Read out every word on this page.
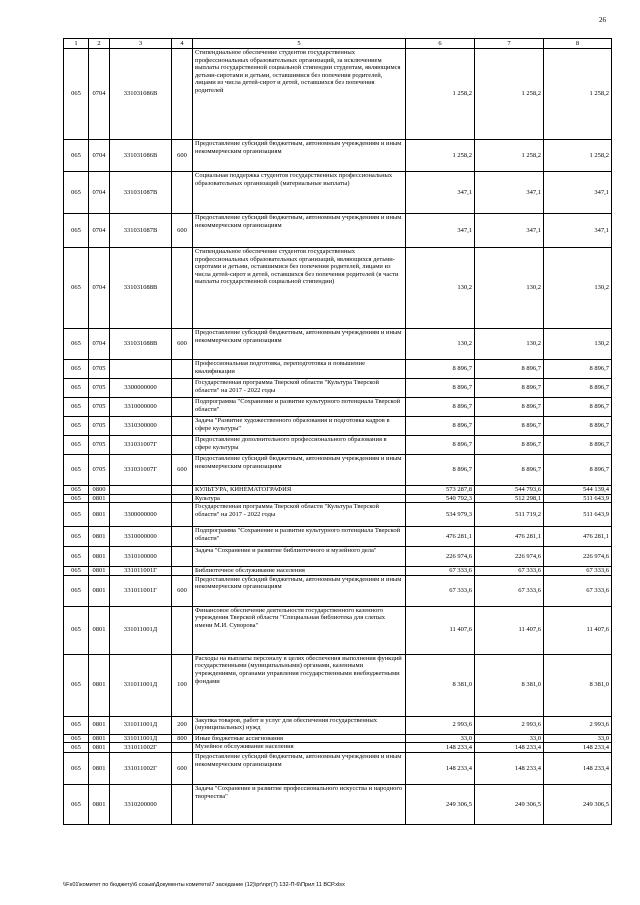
26
1	2	3	4	5	6	7	8
065	0704	331031086В		Стипендиальное обеспечение студентов государственных профессиональных образовательных организаций, за исключением выплаты государственной социальной стипендии студентам, являющимся детьми-сиротами и детьми, оставшимися без попечения родителей, лицами из числа детей-сирот и детей, оставшихся без попечения родителей	1 258,2	1 258,2	1 258,2
065	0704	331031086В	600	Предоставление субсидий бюджетным, автономным учреждениям и иным некоммерческим организациям	1 258,2	1 258,2	1 258,2
065	0704	331031087В		Социальная поддержка студентов государственных профессиональных образовательных организаций (материальные выплаты)	347,1	347,1	347,1
065	0704	331031087В	600	Предоставление субсидий бюджетным, автономным учреждениям и иным некоммерческим организациям	347,1	347,1	347,1
065	0704	331031088В		Стипендиальное обеспечение студентов государственных профессиональных образовательных организаций, являющихся детьми-сиротами и детьми, оставшимися без попечения родителей, лицами из числа детей-сирот и детей, оставшихся без попечения родителей (в части выплаты государственной социальной стипендии)	130,2	130,2	130,2
065	0704	331031088В	600	Предоставление субсидий бюджетным, автономным учреждениям и иным некоммерческим организациям	130,2	130,2	130,2
065	0705			Профессиональная подготовка, переподготовка и повышение квалификации	8 896,7	8 896,7	8 896,7
065	0705	3300000000		Государственная программа Тверской области "Культура Тверской области" на 2017 - 2022 годы	8 896,7	8 896,7	8 896,7
065	0705	3310000000		Подпрограмма "Сохранение и развитие культурного потенциала Тверской области"	8 896,7	8 896,7	8 896,7
065	0705	3310300000		Задача "Развитие художественного образования и подготовка кадров в сфере культуры"	8 896,7	8 896,7	8 896,7
065	0705	331031007Г		Предоставление дополнительного профессионального образования в сфере культуры	8 896,7	8 896,7	8 896,7
065	0705	331031007Г	600	Предоставление субсидий бюджетным, автономным учреждениям и иным некоммерческим организациям	8 896,7	8 896,7	8 896,7
065	0800			КУЛЬТУРА, КИНЕМАТОГРАФИЯ	573 287,8	544 793,6	544 139,4
065	0801			Культура	540 792,3	512 298,1	511 643,9
065	0801	3300000000		Государственная программа Тверской области "Культура Тверской области" на 2017 - 2022 годы	534 979,3	511 719,2	511 643,9
065	0801	3310000000		Подпрограмма "Сохранение и развитие культурного потенциала Тверской области"	476 281,1	476 281,1	476 281,1
065	0801	3310100000		Задача "Сохранение и развитие библиотечного и музейного дела"	226 974,6	226 974,6	226 974,6
065	0801	331011001Г		Библиотечное обслуживание населения	67 333,6	67 333,6	67 333,6
065	0801	331011001Г	600	Предоставление субсидий бюджетным, автономным учреждениям и иным некоммерческим организациям	67 333,6	67 333,6	67 333,6
065	0801	331011001Д		Финансовое обеспечение деятельности государственного казенного учреждения Тверской области "Специальная библиотека для слепых имени М.И. Суворова"	11 407,6	11 407,6	11 407,6
065	0801	331011001Д	100	Расходы на выплаты персоналу в целях обеспечения выполнения функций государственными (муниципальными) органами, казенными учреждениями, органами управления государственными внебюджетными фондами	8 381,0	8 381,0	8 381,0
065	0801	331011001Д	200	Закупка товаров, работ и услуг для обеспечения государственных (муниципальных) нужд	2 993,6	2 993,6	2 993,6
065	0801	331011001Д	800	Иные бюджетные ассигнования	33,0	33,0	33,0
065	0801	331011002Г		Музейное обслуживание населения	148 233,4	148 233,4	148 233,4
065	0801	331011002Г	600	Предоставление субсидий бюджетным, автономным учреждениям и иным некоммерческим организациям	148 233,4	148 233,4	148 233,4
065	0801	3310200000		Задача "Сохранение и развитие профессионального искусства и народного творчества"	249 306,5	249 306,5	249 306,5
\\Fs01\комитет по бюджету\6 созыв\Документы комитета\7 заседание (12)\pr\npr(7) 132-П-6\Прил 11 ВСР.xlsx
